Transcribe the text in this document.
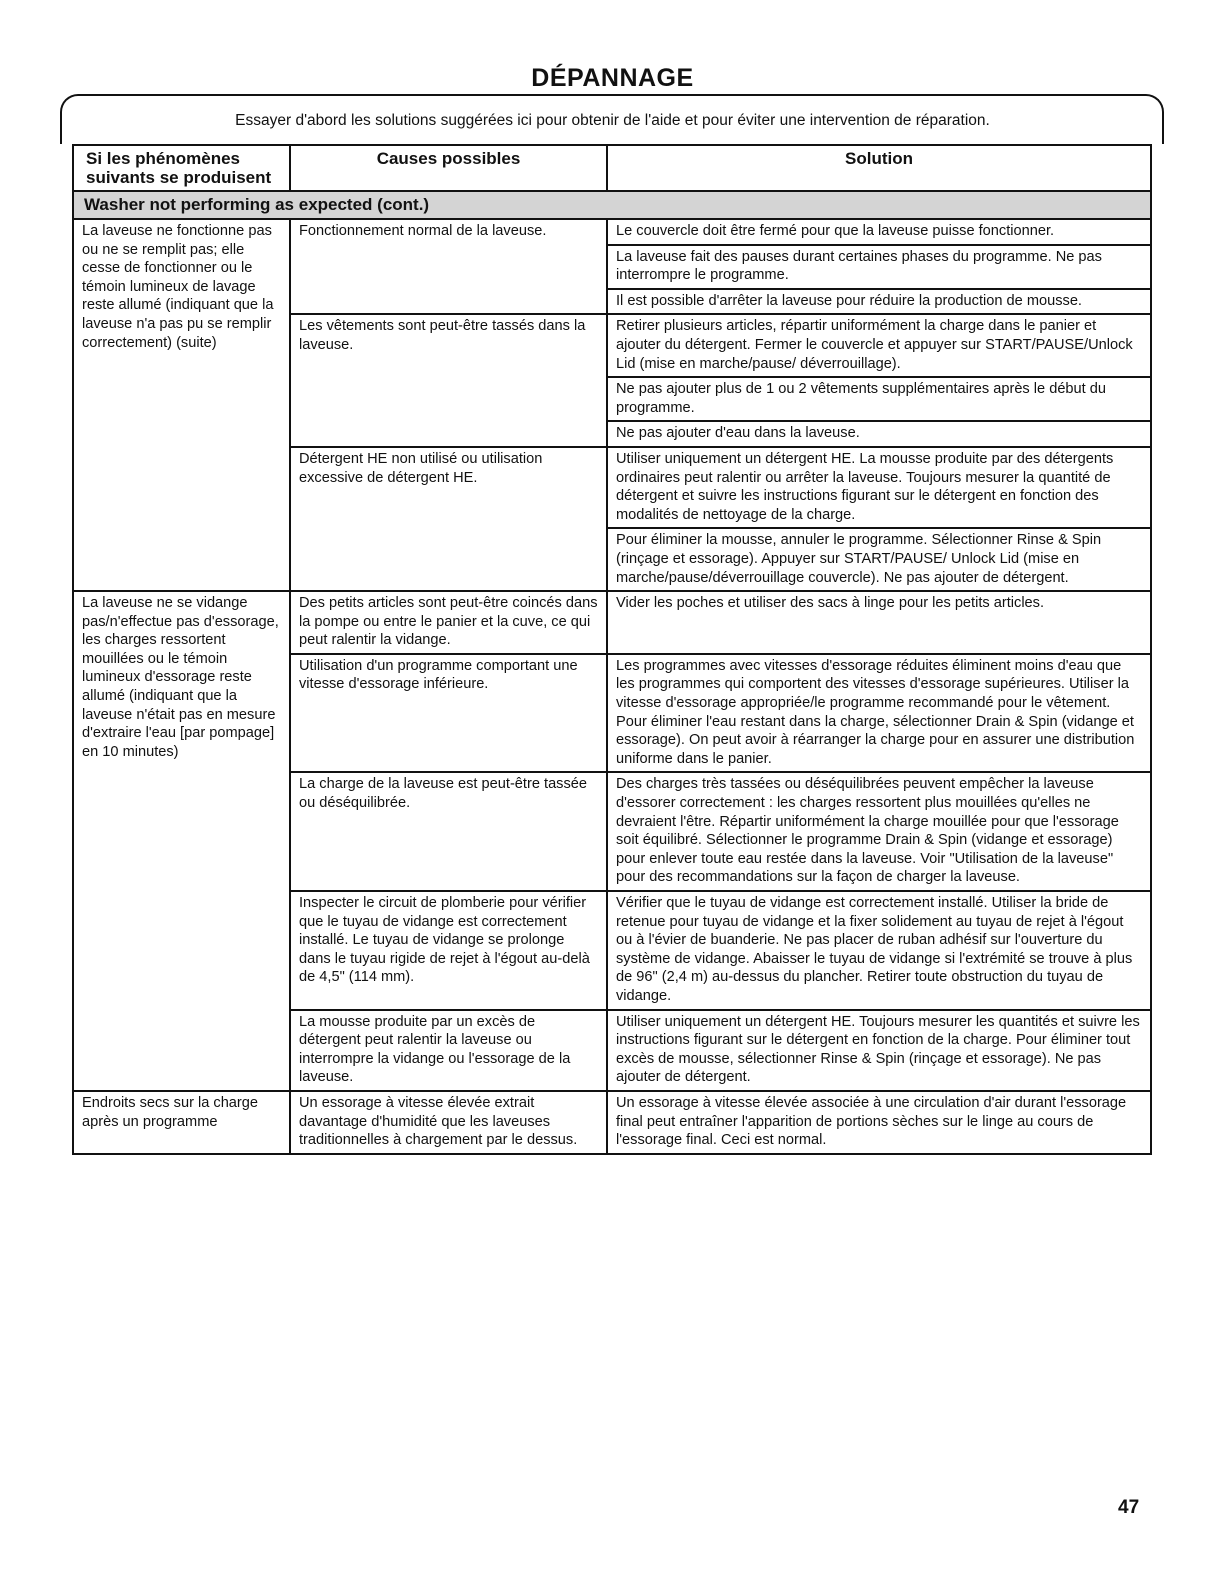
DÉPANNAGE
Essayer d'abord les solutions suggérées ici pour obtenir de l'aide et pour éviter une intervention de réparation.
Si les phénomènes suivants se produisent	Causes possibles	Solution
Washer not performing as expected (cont.)		
La laveuse ne fonctionne pas ou ne se remplit pas; elle cesse de fonctionner ou le témoin lumineux de lavage reste allumé (indiquant que la laveuse n'a pas pu se remplir correctement) (suite)	Fonctionnement normal de la laveuse.	Le couvercle doit être fermé pour que la laveuse puisse fonctionner.
		La laveuse fait des pauses durant certaines phases du programme. Ne pas interrompre le programme.
		Il est possible d'arrêter la laveuse pour réduire la production de mousse.
	Les vêtements sont peut-être tassés dans la laveuse.	Retirer plusieurs articles, répartir uniformément la charge dans le panier et ajouter du détergent. Fermer le couvercle et appuyer sur START/PAUSE/Unlock Lid (mise en marche/pause/ déverrouillage).
		Ne pas ajouter plus de 1 ou 2 vêtements supplémentaires après le début du programme.
		Ne pas ajouter d'eau dans la laveuse.
	Détergent HE non utilisé ou utilisation excessive de détergent HE.	Utiliser uniquement un détergent HE. La mousse produite par des détergents ordinaires peut ralentir ou arrêter la laveuse. Toujours mesurer la quantité de détergent et suivre les instructions figurant sur le détergent en fonction des modalités de nettoyage de la charge.
		Pour éliminer la mousse, annuler le programme. Sélectionner Rinse & Spin (rinçage et essorage). Appuyer sur START/PAUSE/ Unlock Lid (mise en marche/pause/déverrouillage couvercle). Ne pas ajouter de détergent.
La laveuse ne se vidange pas/n'effectue pas d'essorage, les charges ressortent mouillées ou le témoin lumineux d'essorage reste allumé (indiquant que la laveuse n'était pas en mesure d'extraire l'eau [par pompage] en 10 minutes)	Des petits articles sont peut-être coincés dans la pompe ou entre le panier et la cuve, ce qui peut ralentir la vidange.	Vider les poches et utiliser des sacs à linge pour les petits articles.
	Utilisation d'un programme comportant une vitesse d'essorage inférieure.	Les programmes avec vitesses d'essorage réduites éliminent moins d'eau que les programmes qui comportent des vitesses d'essorage supérieures. Utiliser la vitesse d'essorage appropriée/le programme recommandé pour le vêtement. Pour éliminer l'eau restant dans la charge, sélectionner Drain & Spin (vidange et essorage). On peut avoir à réarranger la charge pour en assurer une distribution uniforme dans le panier.
	La charge de la laveuse est peut-être tassée ou déséquilibrée.	Des charges très tassées ou déséquilibrées peuvent empêcher la laveuse d'essorer correctement : les charges ressortent plus mouillées qu'elles ne devraient l'être. Répartir uniformément la charge mouillée pour que l'essorage soit équilibré. Sélectionner le programme Drain & Spin (vidange et essorage) pour enlever toute eau restée dans la laveuse. Voir "Utilisation de la laveuse" pour des recommandations sur la façon de charger la laveuse.
	Inspecter le circuit de plomberie pour vérifier que le tuyau de vidange est correctement installé. Le tuyau de vidange se prolonge dans le tuyau rigide de rejet à l'égout au-delà de 4,5" (114 mm).	Vérifier que le tuyau de vidange est correctement installé. Utiliser la bride de retenue pour tuyau de vidange et la fixer solidement au tuyau de rejet à l'égout ou à l'évier de buanderie. Ne pas placer de ruban adhésif sur l'ouverture du système de vidange. Abaisser le tuyau de vidange si l'extrémité se trouve à plus de 96" (2,4 m) au-dessus du plancher. Retirer toute obstruction du tuyau de vidange.
	La mousse produite par un excès de détergent peut ralentir la laveuse ou interrompre la vidange ou l'essorage de la laveuse.	Utiliser uniquement un détergent HE. Toujours mesurer les quantités et suivre les instructions figurant sur le détergent en fonction de la charge. Pour éliminer tout excès de mousse, sélectionner Rinse & Spin (rinçage et essorage). Ne pas ajouter de détergent.
Endroits secs sur la charge après un programme	Un essorage à vitesse élevée extrait davantage d'humidité que les laveuses traditionnelles à chargement par le dessus.	Un essorage à vitesse élevée associée à une circulation d'air durant l'essorage final peut entraîner l'apparition de portions sèches sur le linge au cours de l'essorage final. Ceci est normal.
47
